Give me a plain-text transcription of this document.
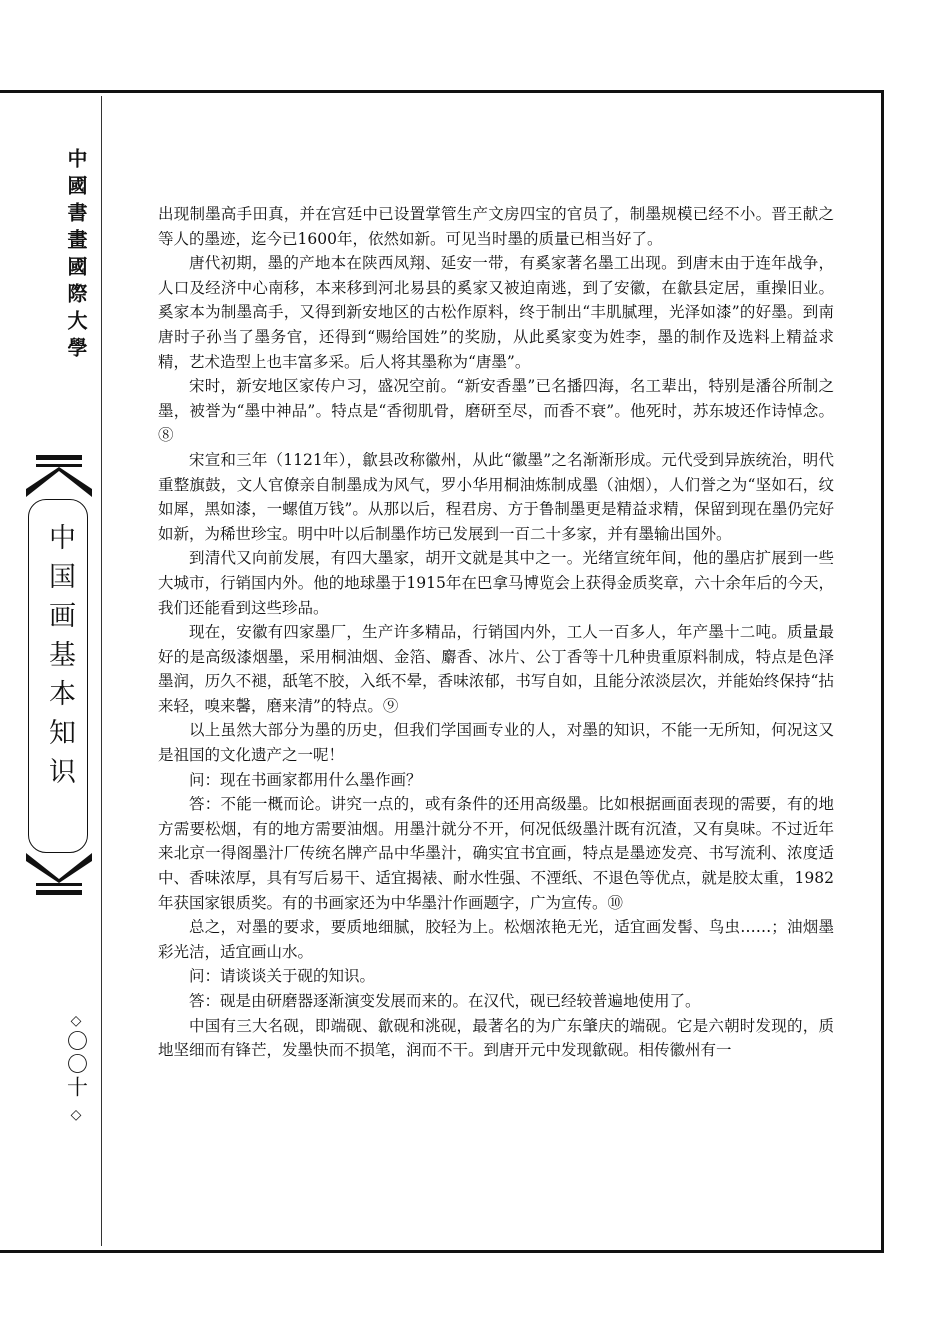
中國書畫國際大學
中国画基本知识
◇
〇〇十
◇

出现制墨高手田真，并在宫廷中已设置掌管生产文房四宝的官员了，制墨规模已经不小。晋王献之等人的墨迹，迄今已1600年，依然如新。可见当时墨的质量已相当好了。

唐代初期，墨的产地本在陕西凤翔、延安一带，有奚家著名墨工出现。到唐末由于连年战争，人口及经济中心南移，本来移到河北易县的奚家又被迫南逃，到了安徽，在歙县定居，重操旧业。奚家本为制墨高手，又得到新安地区的古松作原料，终于制出“丰肌腻理，光泽如漆”的好墨。到南唐时子孙当了墨务官，还得到“赐给国姓”的奖励，从此奚家变为姓李，墨的制作及选料上精益求精，艺术造型上也丰富多采。后人将其墨称为“唐墨”。

宋时，新安地区家传户习，盛况空前。“新安香墨”已名播四海，名工辈出，特别是潘谷所制之墨，被誉为“墨中神品”。特点是“香彻肌骨，磨研至尽，而香不衰”。他死时，苏东坡还作诗悼念。⑧

宋宣和三年（1121年），歙县改称徽州，从此“徽墨”之名渐渐形成。元代受到异族统治，明代重整旗鼓，文人官僚亲自制墨成为风气，罗小华用桐油炼制成墨（油烟），人们誉之为“坚如石，纹如犀，黑如漆，一螺值万钱”。从那以后，程君房、方于鲁制墨更是精益求精，保留到现在墨仍完好如新，为稀世珍宝。明中叶以后制墨作坊已发展到一百二十多家，并有墨输出国外。

到清代又向前发展，有四大墨家，胡开文就是其中之一。光绪宣统年间，他的墨店扩展到一些大城市，行销国内外。他的地球墨于1915年在巴拿马博览会上获得金质奖章，六十余年后的今天，我们还能看到这些珍品。

现在，安徽有四家墨厂，生产许多精品，行销国内外，工人一百多人，年产墨十二吨。质量最好的是高级漆烟墨，采用桐油烟、金箔、麝香、冰片、公丁香等十几种贵重原料制成，特点是色泽墨润，历久不褪，舐笔不胶，入纸不晕，香味浓郁，书写自如，且能分浓淡层次，并能始终保持“拈来轻，嗅来馨，磨来清”的特点。⑨

以上虽然大部分为墨的历史，但我们学国画专业的人，对墨的知识，不能一无所知，何况这又是祖国的文化遗产之一呢！

问：现在书画家都用什么墨作画？

答：不能一概而论。讲究一点的，或有条件的还用高级墨。比如根据画面表现的需要，有的地方需要松烟，有的地方需要油烟。用墨汁就分不开，何况低级墨汁既有沉渣，又有臭味。不过近年来北京一得阁墨汁厂传统名牌产品中华墨汁，确实宜书宜画，特点是墨迹发亮、书写流利、浓度适中、香味浓厚，具有写后易干、适宜揭裱、耐水性强、不湮纸、不退色等优点，就是胶太重，1982年获国家银质奖。有的书画家还为中华墨汁作画题字，广为宣传。⑩

总之，对墨的要求，要质地细腻，胶轻为上。松烟浓艳无光，适宜画发髻、鸟虫……；油烟墨彩光洁，适宜画山水。

问：请谈谈关于砚的知识。

答：砚是由研磨器逐渐演变发展而来的。在汉代，砚已经较普遍地使用了。

中国有三大名砚，即端砚、歙砚和洮砚，最著名的为广东肇庆的端砚。它是六朝时发现的，质地坚细而有锋芒，发墨快而不损笔，润而不干。到唐开元中发现歙砚。相传徽州有一
